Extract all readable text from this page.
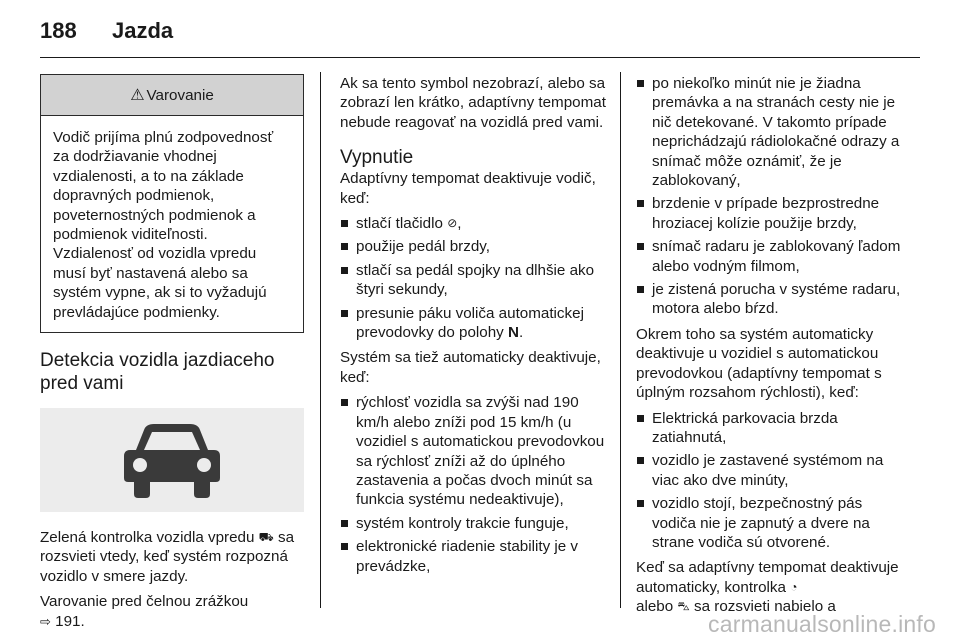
188 Jazda
⚠ Varovanie
Vodič prijíma plnú zodpovednosť za dodržiavanie vhodnej vzdialenosti, a to na základe dopravných podmienok, poveternostných podmienok a podmienok viditeľnosti. Vzdialenosť od vozidla vpredu musí byť nastavená alebo sa systém vypne, ak si to vyžadujú prevládajúce podmienky.
Detekcia vozidla jazdiaceho pred vami

Zelená kontrolka vozidla vpredu ⛟ sa rozsvieti vtedy, keď systém rozpozná vozidlo v smere jazdy.

Varovanie pred čelnou zrážkou
⇨ 191.

Ak sa tento symbol nezobrazí, alebo sa zobrazí len krátko, adaptívny tempomat nebude reagovať na vozidlá pred vami.

Vypnutie

Adaptívny tempomat deaktivuje vodič, keď:

stlačí tlačidlo ⊘,
použije pedál brzdy,
stlačí sa pedál spojky na dlhšie ako štyri sekundy,
presunie páku voliča automatickej prevodovky do polohy N.

Systém sa tiež automaticky deaktivuje, keď:

rýchlosť vozidla sa zvýši nad 190 km/h alebo zníži pod 15 km/h (u vozidiel s automatickou prevodovkou sa rýchlosť zníži až do úplného zastavenia a počas dvoch minút sa funkcia systému nedeaktivuje),
systém kontroly trakcie funguje,
elektronické riadenie stability je v prevádzke,
po niekoľko minút nie je žiadna premávka a na stranách cesty nie je nič detekované. V takomto prípade neprichádzajú rádiolokačné odrazy a snímač môže oznámiť, že je zablokovaný,
brzdenie v prípade bezprostredne hroziacej kolízie použije brzdy,
snímač radaru je zablokovaný ľadom alebo vodným filmom,
je zistená porucha v systéme radaru, motora alebo bŕzd.

Okrem toho sa systém automaticky deaktivuje u vozidiel s automatickou prevodovkou (adaptívny tempomat s úplným rozsahom rýchlosti), keď:

Elektrická parkovacia brzda zatiahnutá,
vozidlo je zastavené systémom na viac ako dve minúty,
vozidlo stojí, bezpečnostný pás vodiča nie je zapnutý a dvere na strane vodiča sú otvorené.

Keď sa adaptívny tempomat deaktivuje automaticky, kontrolka ◔
alebo ⛍ sa rozsvieti nabielo a

carmanualsonline.info
